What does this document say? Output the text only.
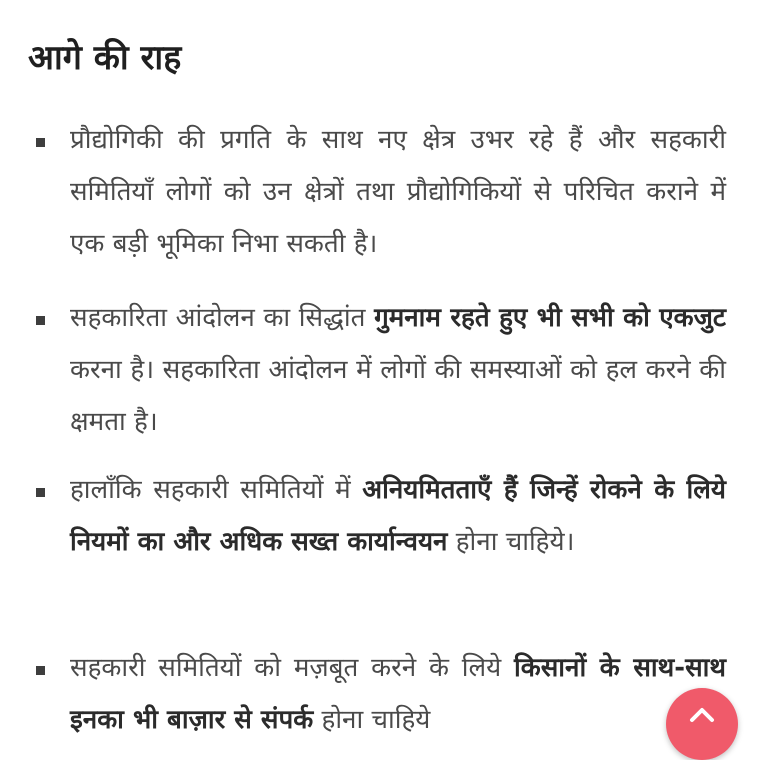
आगे की राह

प्रौद्योगिकी की प्रगति के साथ नए क्षेत्र उभर रहे हैं और सहकारी समितियाँ लोगों को उन क्षेत्रों तथा प्रौद्योगिकियों से परिचित कराने में एक बड़ी भूमिका निभा सकती है।

सहकारिता आंदोलन का सिद्धांत गुमनाम रहते हुए भी सभी को एकजुट करना है। सहकारिता आंदोलन में लोगों की समस्याओं को हल करने की क्षमता है।

हालाँकि सहकारी समितियों में अनियमितताएँ हैं जिन्हें रोकने के लिये नियमों का और अधिक सख्त कार्यान्वयन होना चाहिये।

सहकारी समितियों को मज़बूत करने के लिये किसानों के साथ-साथ इनका भी बाज़ार से संपर्क होना चाहिये
